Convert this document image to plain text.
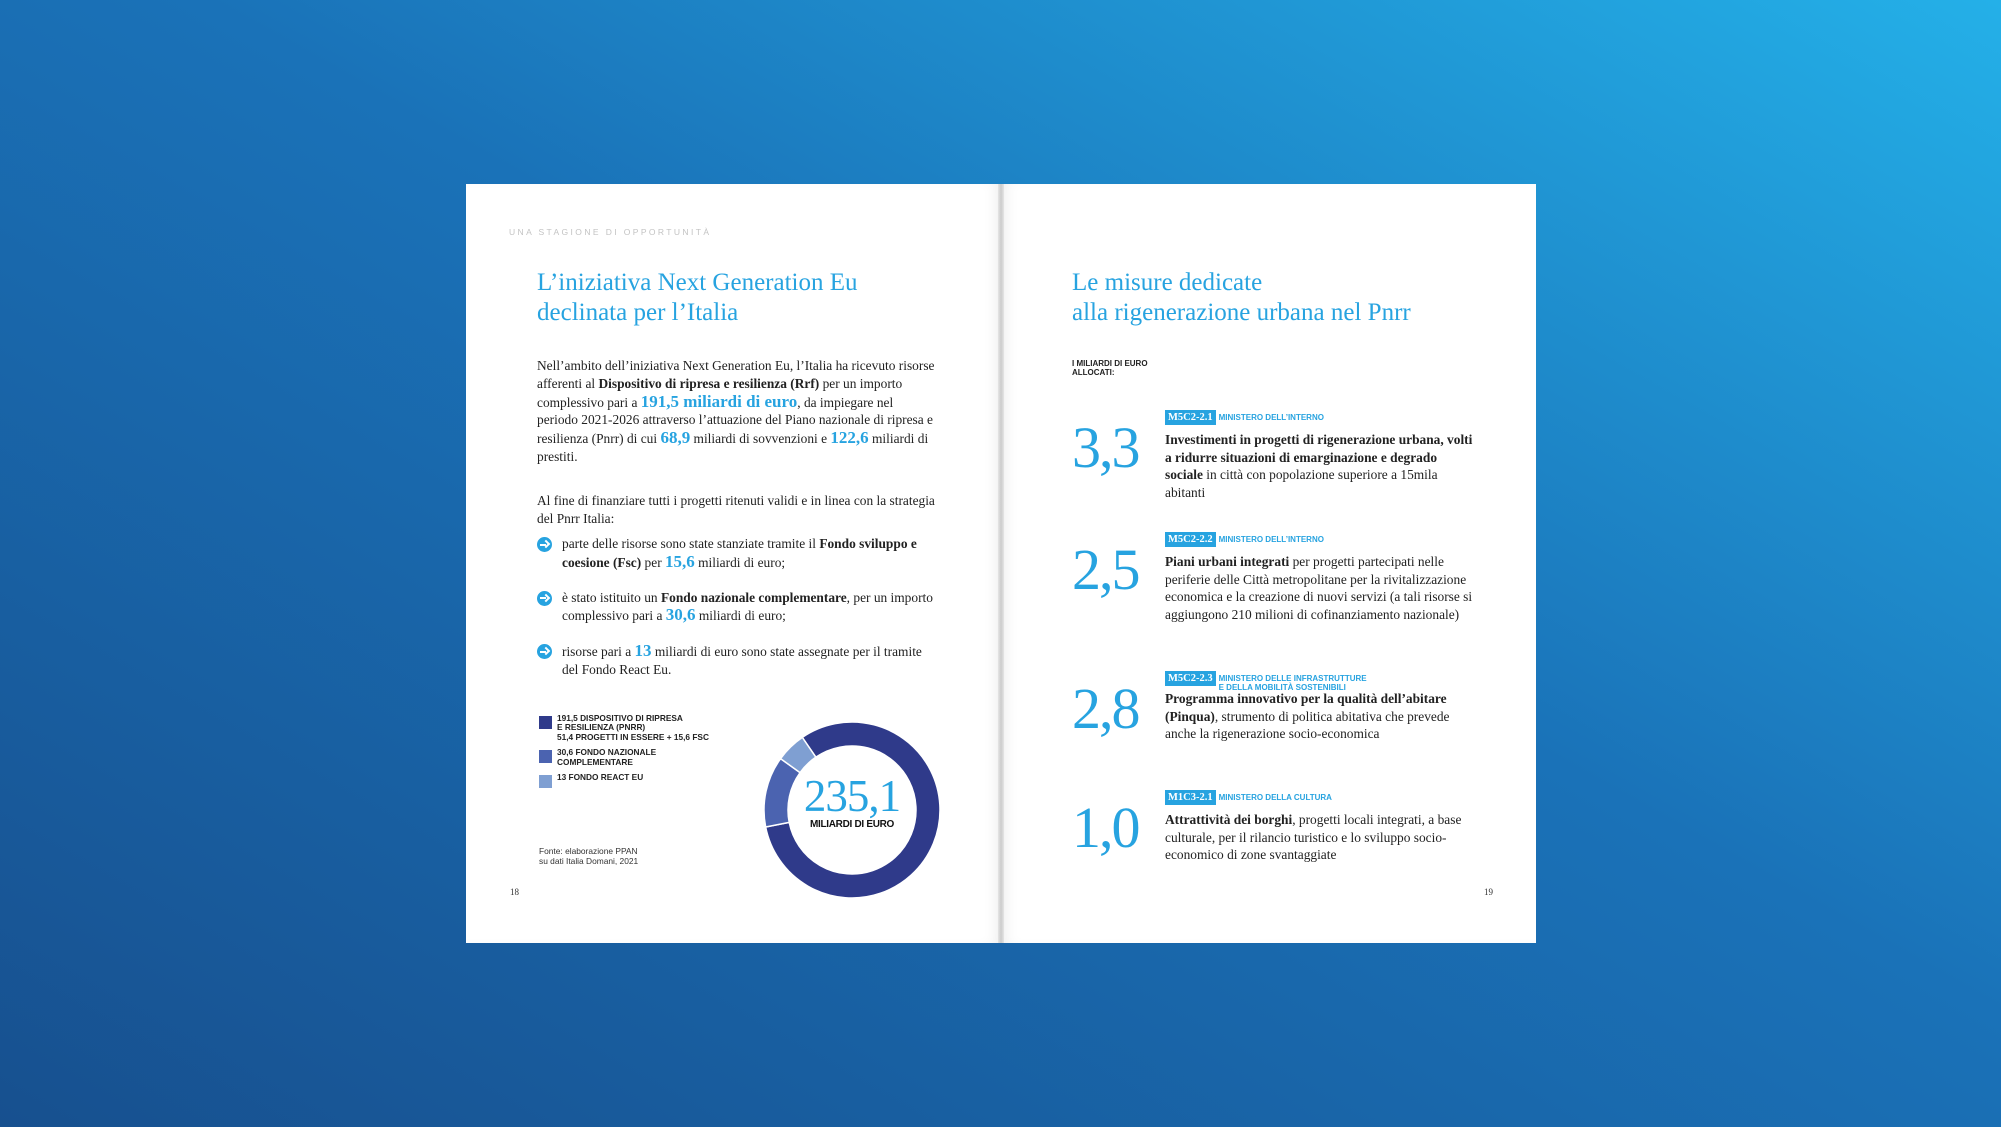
UNA STAGIONE DI OPPORTUNITÀ
L’iniziativa Next Generation Eu
declinata per l’Italia

Nell’ambito dell’iniziativa Next Generation Eu, l’Italia ha ricevuto risorse afferenti al Dispositivo di ripresa e resilienza (Rrf) per un importo complessivo pari a 191,5 miliardi di euro, da impiegare nel periodo 2021-2026 attraverso l’attuazione del Piano nazionale di ripresa e resilienza (Pnrr) di cui 68,9 miliardi di sovvenzioni e 122,6 miliardi di prestiti.

Al fine di finanziare tutti i progetti ritenuti validi e in linea con la strategia del Pnrr Italia:

parte delle risorse sono state stanziate tramite il Fondo sviluppo e coesione (Fsc) per 15,6 miliardi di euro;
è stato istituito un Fondo nazionale complementare, per un importo complessivo pari a 30,6 miliardi di euro;
risorse pari a 13 miliardi di euro sono state assegnate per il tramite del Fondo React Eu.
191,5 DISPOSITIVO DI RIPRESA
E RESILIENZA (PNRR)
51,4 PROGETTI IN ESSERE + 15,6 FSC
30,6 FONDO NAZIONALE
COMPLEMENTARE
13 FONDO REACT EU	235,1
MILIARDI DI EURO
Fonte: elaborazione PPAN
su dati Italia Domani, 2021
18
Le misure dedicate
alla rigenerazione urbana nel Pnrr
I MILIARDI DI EURO
ALLOCATI:
3,3	M5C2-2.1 MINISTERO DELL’INTERNO

Investimenti in progetti di rigenerazione urbana, volti a ridurre situazioni di emarginazione e degrado sociale in città con popolazione superiore a 15mila abitanti

2,5	M5C2-2.2 MINISTERO DELL’INTERNO

Piani urbani integrati per progetti partecipati nelle periferie delle Città metropolitane per la rivitalizzazione economica e la creazione di nuovi servizi (a tali risorse si aggiungono 210 milioni di cofinanziamento nazionale)

2,8	M5C2-2.3 MINISTERO DELLE INFRASTRUTTURE
E DELLA MOBILITÀ SOSTENIBILI

Programma innovativo per la qualità dell’abitare (Pinqua), strumento di politica abitativa che prevede anche la rigenerazione socio-economica

1,0	M1C3-2.1 MINISTERO DELLA CULTURA

Attrattività dei borghi, progetti locali integrati, a base culturale, per il rilancio turistico e lo sviluppo socio-economico di zone svantaggiate

19
